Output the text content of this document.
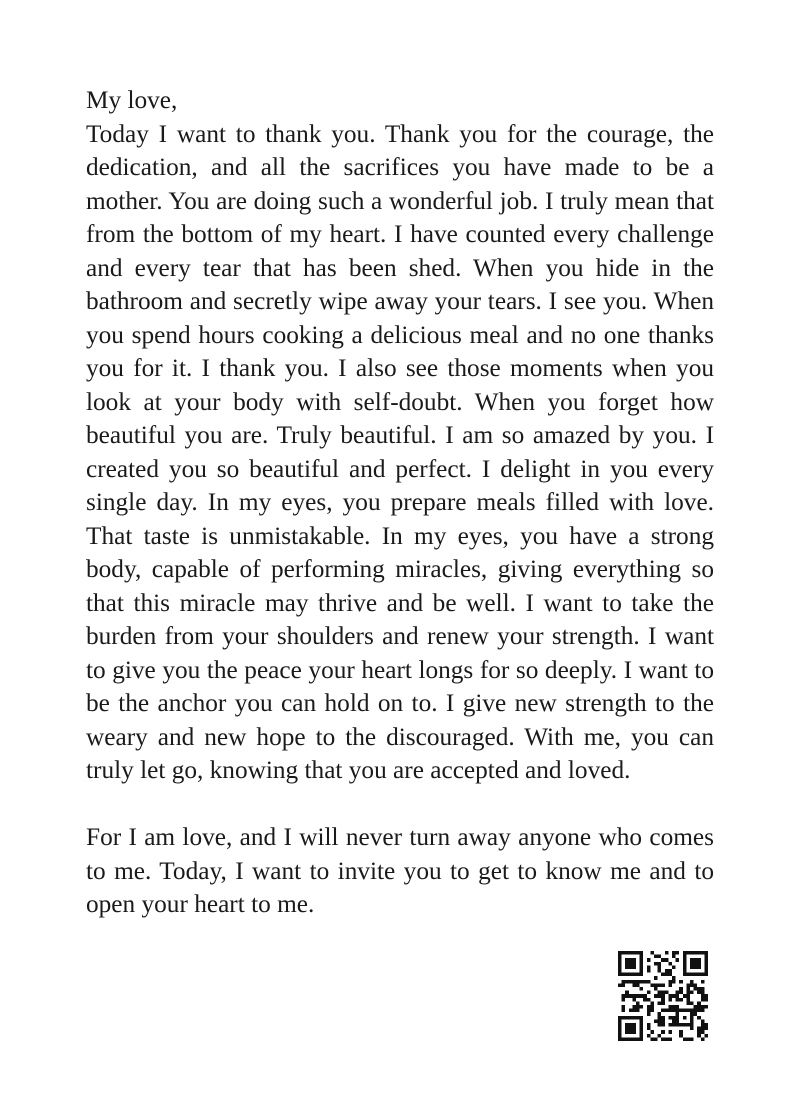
My love,

Today I want to thank you. Thank you for the courage, the dedication, and all the sacrifices you have made to be a mother. You are doing such a wonderful job. I truly mean that from the bottom of my heart. I have counted every challenge and every tear that has been shed. When you hide in the bathroom and secretly wipe away your tears. I see you. When you spend hours cooking a delicious meal and no one thanks you for it. I thank you. I also see those moments when you look at your body with self-doubt. When you forget how beautiful you are. Truly beautiful. I am so amazed by you. I created you so beautiful and perfect. I delight in you every single day. In my eyes, you prepare meals filled with love. That taste is unmistakable. In my eyes, you have a strong body, capable of performing miracles, giving everything so that this miracle may thrive and be well. I want to take the burden from your shoulders and renew your strength. I want to give you the peace your heart longs for so deeply. I want to be the anchor you can hold on to. I give new strength to the weary and new hope to the discouraged. With me, you can truly let go, knowing that you are accepted and loved.

For I am love, and I will never turn away anyone who comes to me. Today, I want to invite you to get to know me and to open your heart to me.
